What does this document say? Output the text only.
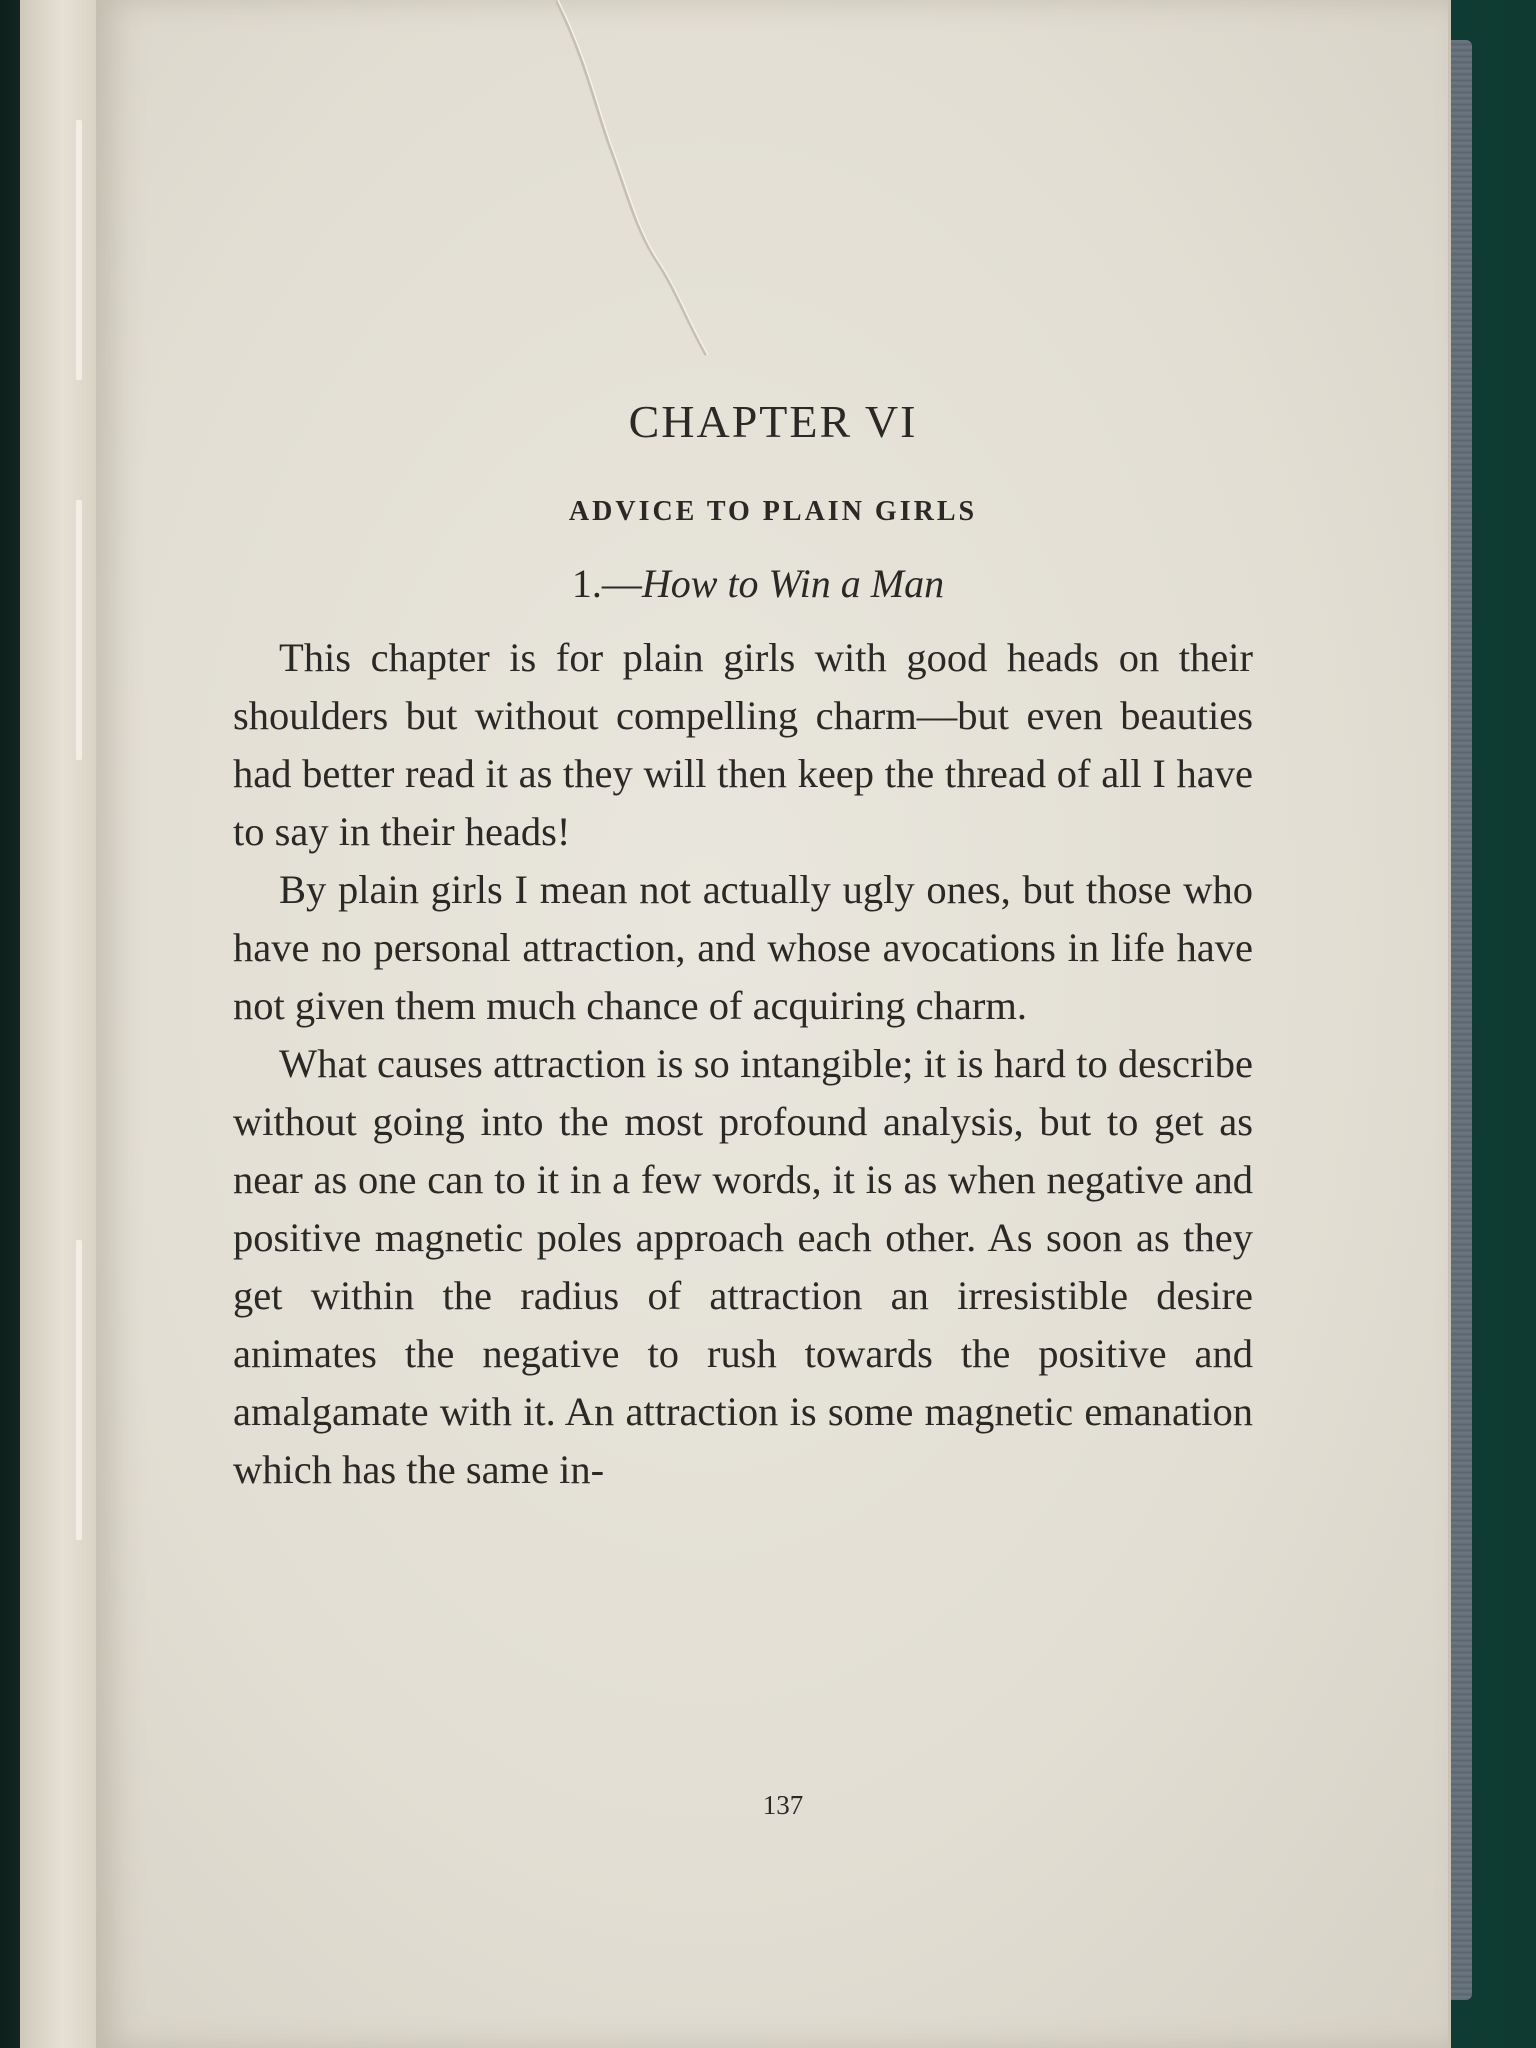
CHAPTER VI
ADVICE TO PLAIN GIRLS
1.—How to Win a Man

This chapter is for plain girls with good heads on their shoulders but without compelling charm—but even beauties had better read it as they will then keep the thread of all I have to say in their heads!

By plain girls I mean not actually ugly ones, but those who have no personal attraction, and whose avocations in life have not given them much chance of acquiring charm.

What causes attraction is so intangible; it is hard to describe without going into the most profound analysis, but to get as near as one can to it in a few words, it is as when negative and positive magnetic poles approach each other. As soon as they get within the radius of attraction an irresistible desire animates the negative to rush towards the positive and amalgamate with it. An attraction is some magnetic emanation which has the same in-

137
